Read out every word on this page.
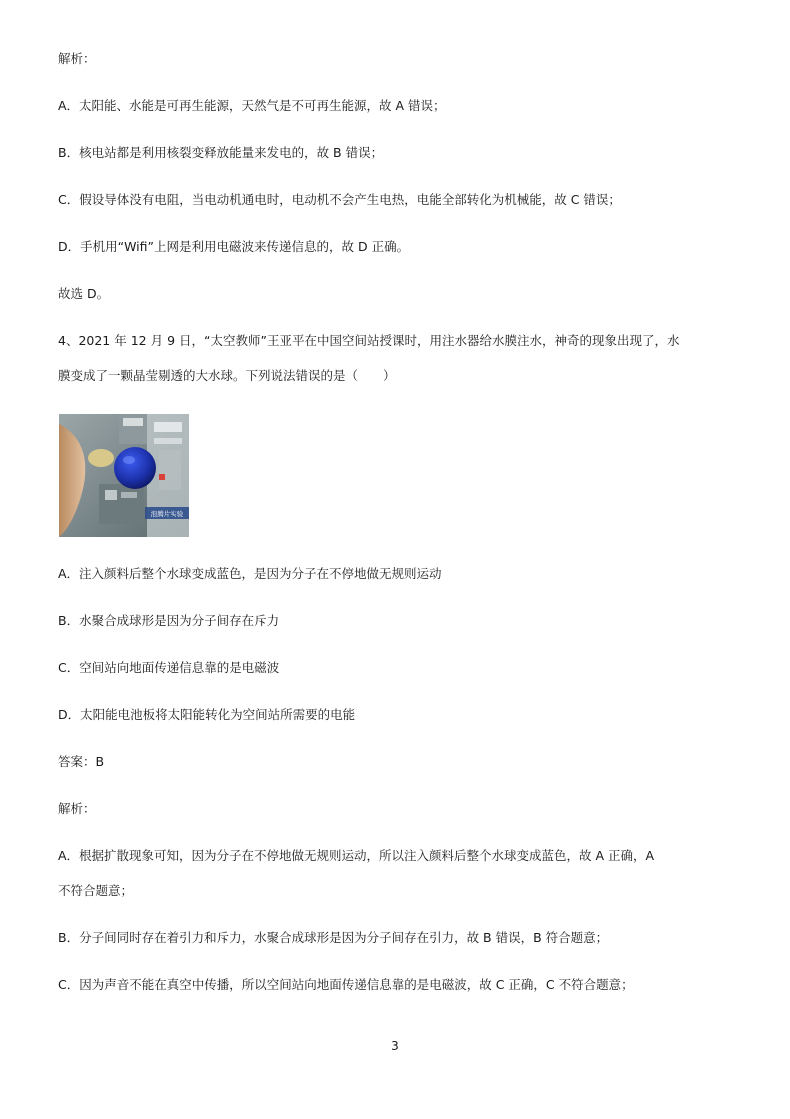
解析：
A．太阳能、水能是可再生能源，天然气是不可再生能源，故 A 错误；
B．核电站都是利用核裂变释放能量来发电的，故 B 错误；
C．假设导体没有电阻，当电动机通电时，电动机不会产生电热，电能全部转化为机械能，故 C 错误；
D．手机用“Wifi”上网是利用电磁波来传递信息的，故 D 正确。
故选 D。
4、2021 年 12 月 9 日，“太空教师”王亚平在中国空间站授课时，用注水器给水膜注水，神奇的现象出现了，水
膜变成了一颗晶莹剔透的大水球。下列说法错误的是（　　）
泡腾片实验
A．注入颜料后整个水球变成蓝色，是因为分子在不停地做无规则运动
B．水聚合成球形是因为分子间存在斥力
C．空间站向地面传递信息靠的是电磁波
D．太阳能电池板将太阳能转化为空间站所需要的电能
答案：B
解析：
A．根据扩散现象可知，因为分子在不停地做无规则运动，所以注入颜料后整个水球变成蓝色，故 A 正确，A
不符合题意；
B．分子间同时存在着引力和斥力，水聚合成球形是因为分子间存在引力，故 B 错误，B 符合题意；
C．因为声音不能在真空中传播，所以空间站向地面传递信息靠的是电磁波，故 C 正确，C 不符合题意；
3
